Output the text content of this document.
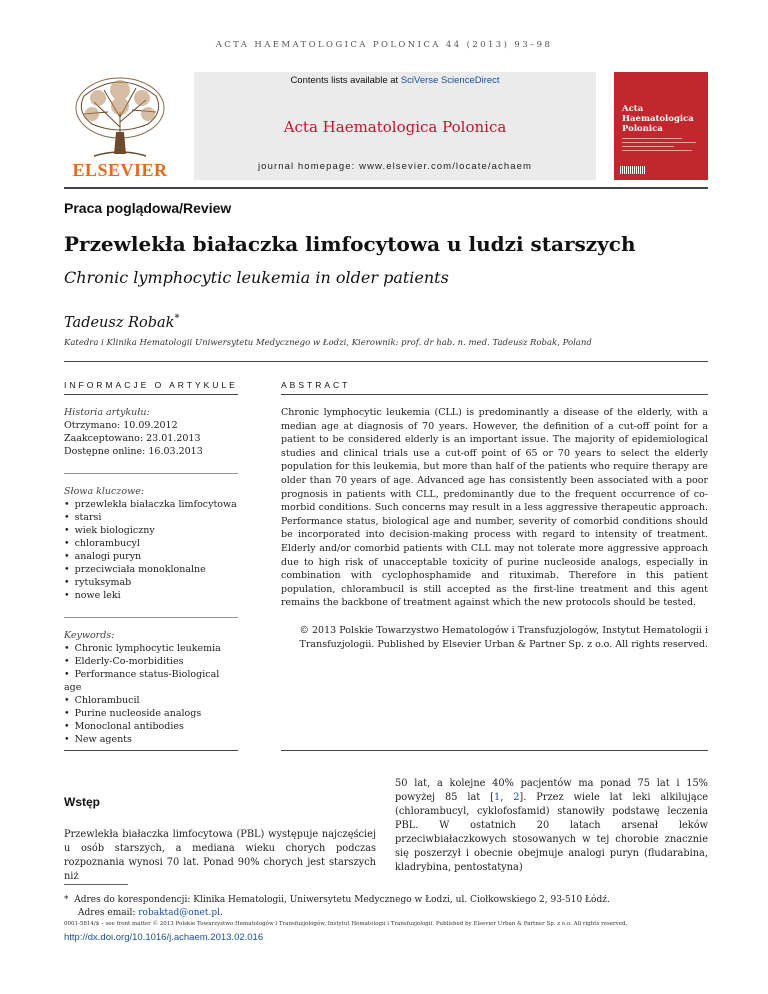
ACTA HAEMATOLOGICA POLONICA 44 (2013) 93–98
ELSEVIER
Contents lists available at SciVerse ScienceDirect
Acta Haematologica Polonica
journal homepage: www.elsevier.com/locate/achaem
Acta Haematologica Polonica
Praca poglądowa/Review
Przewlekła białaczka limfocytowa u ludzi starszych
Chronic lymphocytic leukemia in older patients
Tadeusz Robak*
Katedra i Klinika Hematologii Uniwersytetu Medycznego w Łodzi, Kierownik: prof. dr hab. n. med. Tadeusz Robak, Poland
INFORMACJE O ARTYKULE
Historia artykułu:
Otrzymano: 10.09.2012
Zaakceptowano: 23.01.2013
Dostępne online: 16.03.2013
Słowa kluczowe:
• przewlekła białaczka limfocytowa
• starsi
• wiek biologiczny
• chlorambucyl
• analogi puryn
• przeciwciała monoklonalne
• rytuksymab
• nowe leki
Keywords:
• Chronic lymphocytic leukemia
• Elderly-Co-morbidities
• Performance status-Biological age
• Chlorambucil
• Purine nucleoside analogs
• Monoclonal antibodies
• New agents
ABSTRACT
Chronic lymphocytic leukemia (CLL) is predominantly a disease of the elderly, with a median age at diagnosis of 70 years. However, the definition of a cut-off point for a patient to be considered elderly is an important issue. The majority of epidemiological studies and clinical trials use a cut-off point of 65 or 70 years to select the elderly population for this leukemia, but more than half of the patients who require therapy are older than 70 years of age. Advanced age has consistently been associated with a poor prognosis in patients with CLL, predominantly due to the frequent occurrence of co-morbid conditions. Such concerns may result in a less aggressive therapeutic approach. Performance status, biological age and number, severity of comorbid conditions should be incorporated into decision-making process with regard to intensity of treatment. Elderly and/or comorbid patients with CLL may not tolerate more aggressive approach due to high risk of unacceptable toxicity of purine nucleoside analogs, especially in combination with cyclophosphamide and rituximab. Therefore in this patient population, chlorambucil is still accepted as the first-line treatment and this agent remains the backbone of treatment against which the new protocols should be tested.
© 2013 Polskie Towarzystwo Hematologów i Transfuzjologów, Instytut Hematologii i Transfuzjologii. Published by Elsevier Urban & Partner Sp. z o.o. All rights reserved.
Wstęp
Przewlekła białaczka limfocytowa (PBL) występuje najczęściej u osób starszych, a mediana wieku chorych podczas rozpoznania wynosi 70 lat. Ponad 90% chorych jest starszych niż
50 lat, a kolejne 40% pacjentów ma ponad 75 lat i 15% powyżej 85 lat [1, 2]. Przez wiele lat leki alkilujące (chlorambucyl, cyklofosfamid) stanowiły podstawę leczenia PBL. W ostatnich 20 latach arsenał leków przeciwbiałaczkowych stosowanych w tej chorobie znacznie się poszerzył i obecnie obejmuje analogi puryn (fludarabina, kladrybina, pentostatyna)
* Adres do korespondencji: Klinika Hematologii, Uniwersytetu Medycznego w Łodzi, ul. Ciołkowskiego 2, 93-510 Łódź.
Adres email: robaktad@onet.pl.
0001-5814/$ – see front matter © 2013 Polskie Towarzystwo Hematologów i Transfuzjologów, Instytut Hematologii i Transfuzjologii. Published by Elsevier Urban & Partner Sp. z o.o. All rights reserved.
http://dx.doi.org/10.1016/j.achaem.2013.02.016
